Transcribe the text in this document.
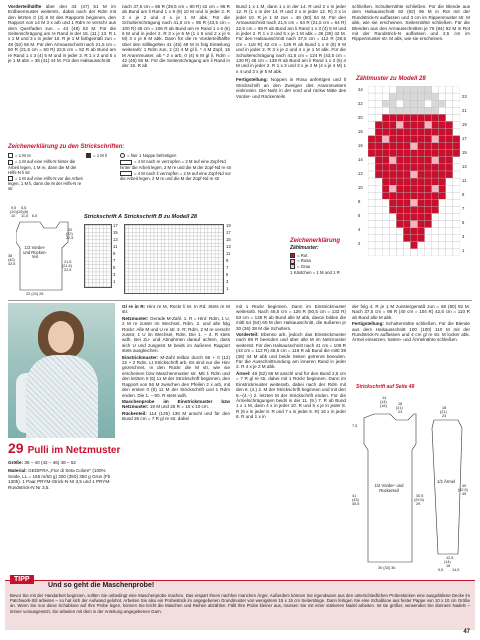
Vorderteilhälfte über den 43 (47) 51 M im Erdbeermuster weiterstr., dabei nach der Rdm mit den letzten 0 (4) 8 M des Rapports beginnen, den Rapport von 14 M 3 x arb und 1 Rdm re verschr aus dem Querfaden zun. = 44 (48) 52 M. Für die Seitenschrägung am re Rand in der 15. (11.) 13. R 1 x 1 M und 3 x in jeder 10. R je 1 M farbgemäß zun = 48 (52) 56 M. Für den Armausschnitt nach 21,5 cm = 50 R (21,5 cm = 50 R) 22,5 cm = 52 R ab Bund am re Rand 1 x 3 (4) 5 M und in jeder 2. R 1 x 2 und 5 x je 1 M abn = 38 (41) 44 M. Für den Halsausschnitt

nach 37,5 cm = 86 R (39,5 cm = 90 R) 42 cm = 96 R ab Bund am li Rand 1 x 9 (9) 10 M und in jeder 2. R 3 x je 2 und 4 x je 1 M abk. Für die Schulterschrägung nach 41,5 cm = 96 R (43,5 cm = 100 R) 46 cm = 106 R ab Bund am re Rand 1 x 6 (6) 6 M und in jeder 2. R 3 x je 5 M (1 x 5 und 2 x je 6 M) 3 x je 6 M abk. Dann für die re Vorderteilhälfte über den stilllegelten 41 (45) 49 M in folg Einteilung weiterarb: 1 Rdm zun, 2 (2) 4 M gl li, * 4 M Zopf, 15 M Arannmuster, ab * 2 x arb, 0 (4) 6 M gl li, Rdm = 42 (46) 50 M. Für die Seitenschrägung am li Rand in der 15. R ab

Bund 1 x 1 M, dann 1 x in der 14. R und 2 x in jeder 12. R (1 x in der 14. R und 2 x in jeder 12. R) 3 x in jeder 10. R je 1 M zun = 46 (50) 54 M. Für den Armausschnitt nach 21,5 cm = 64 R (21,5 cm = 64 R) 22,5 cm = 68 R ab Bund am li Rand 1 x 3 (4) 5 M und in jeder 2. R 1 x 2 und 5 x je 1 M abk = 36 (39) 42 M. Für den Halsausschnitt nach 37,5 cm = 112 R (39,5 cm = 118 R) 42 cm = 126 R ab Bund 1 x 8 (8) 9 M und in jeder 2. R 3 x je 2 und 4 x je 1 M abk. Für die Schulterschrägung nach 41,5 cm = 124 R (43,5 cm = 130 R) 46 cm = 138 R ab Bund am li Rand 1 x 3 (5) 4 M und in jeder 2. R 1 x 3 und 3 x je 4 M (4 x je 4 M) 1 x 4 und 3 x je 5 M abk.

Fertigstellung: Noppen in Rosa anfertigen und lt Strickschrift an den Zweigen des Arannmusters einknoten. Die Naht in der vord und rückw Mitte des Vorder- und Rückenteils

schließen. Schulternähte schließen. Für die Blende aus dem Halsausschnitt 92 (92) 96 M in Rot mit der Rundstrick-N auffassen und 3 cm im Rippenmuster str. M abk, wie sie erscheinen. Seitennähte schließen. Für die Blenden aus den Armausschnitten je 76 (84) 92 M in Rot mit der Rundstrick-N auffassen und 2,5 cm im Rippenmuster str. M abk, wie sie erscheinen.

Zählmuster zu Modell 28
24
22
20
18
16
14
12
10
8
6
4
2
23
21
19
17
15
13
11
9
7
5
3
1
Zeichenerklärung zu den Strickschriften:
= 1 M re
= 1 M auf eine Hilfs-N hinter die Arbeit legen, 1 M re, dann die M der Hilfs-N li str
= 1 M auf eine Hilfs-N vor die Arbeit legen, 1 M li, dann die M der Hilfs-N re str
= 1 M li	= hier 1 Noppe befestigen
= 4 M nach re verzopfen = 2 M auf eine Zopf-Nd hinter die Arbeit legen, 2 M re und die M der Zopf-Nd re str
= 4 M nach li verzopfen = 2 M auf eine Zopf-Nd vor die Arbeit legen, 2 M re und die M der Zopf-Nd re str
9,5 5,5
(10)(10)(6)
10 11,5 6,5
1/2 Vorder- und Rücken- teil
20
(22)
22,5
21,5
(21,5)
22,5
38
(40)
42,5
22 (24) 26
Strickschrift A
17
15
13
11
9
7
5
3
1
Strickschrift B zu Modell 28
19
17
15
13
11
9
7
5
3
1
Zeichenerklärung
Zählmuster:
= Rot
= Rosa
= Grau
1 Kästchen = 1 M und 1 R
29 Pulli im Netzmuster

Größe: 36 – 40 (42 – 46) 48 – 52

Material: GEDIFRA „Fior di Seta Colore" (100% Seide, LL = 165 m/50 g) 300 (350) 350 g Grün (Fb 1305). 1 Paar PRYM-Strick-N Nr 3,5 und 1 PRYM-Rundstrick-N Nr 3,5.

Gl re in R: Hinr re M, Rückr li M. In Rd: Stets re M str.

Netzmuster: Gerade M-Zahl. 1. R = Hinr: Rdm, 1 U, 2 M re zusstr im Wechsel, Rdm. 2. und alle folg Rückr: Alle M und U re str. 3. R: Rdm, 2 M re verschr zusstr, 1 U im Wechsel, Rdm. Die 1. – 4. R stets wdh. Bei Zu- und Abnahmen darauf achten, dass sich U und zusgestr M beids im äußeren Rapport stets ausgleichen.

Einstrickmuster: M-Zahl teilbar durch 56 + 0 (12) 22 + 2 Rdm. Lt Strickschrift arb. Es sind nur die Hinr gezeichnet, in den Rückr die M str, wie sie erscheinen bzw Maschenmuster str. Mit 1 Rdm und den letzten 0 (6) 11 M der Strickschrift beginnen, den Rapport von 56 M zwischen den Pfeilen 2 x arb, mit den ersten 0 (6) 11 M der Strickschrift und 1 Rdm enden. Die 1. – 90. R stets wdh.

Maschenprobe im Einstrickmuster bzw Netzmuster: 19 M und 26 R = 10 x 10 cm.

Rückenteil: 114 (126) 136 M anschl und für den Bund 25 cm = 7 R gl re str, dabei

mit 1 Rückr beginnen. Dann im Einstrickmuster weiterarb. Nach 48,5 cm = 126 R (50,5 cm = 132 R) 53 cm = 138 R ab Bund alle M abk, davon bilden die mittl 54 (54) 60 M den Halsausschnitt, die äußeren je 30 (36) 38 M die Schultern.

Vorderteil: Ebenso arb, jedoch das Einstrickmuster nach 88 R beenden und über alle M im Netzmuster weiterstr. Für den Halsausschnitt nach 41 cm = 106 R (43 cm = 112 R) 45,5 cm = 118 R ab Bund die mittl 38 (38) 44 M abk und beide Seiten getrennt beenden. Für die Ausschnittrundung am inneren Rand in jeder 2. R 4 x je 2 M abk.

Ärmel: 48 (52) 56 M anschl und für den Bund 2,5 cm = 7 R gl re str, dabei mit 1 Rückr beginnen. Dann im Einstrickmuster weiterarb, dabei nach der Rdm mit den 6. (4.) 2. M der Strickschrift beginnen und mit den 6.–(4.–) 2. letzten M der Strickschrift enden. Für die Ärmelschrägungen beids in der 11. (9.) 7. R ab Bund 1 x 1 M, dann 4 x in jeder 10. R und 5 x je in jeder 8. R (6 x in jeder 8. R und 7 x in jeder 6. R) 16 x in jeder 6. R und 1 x in

der folg 4. R je 1 M zunstergemäß zun = 68 (80) 92 M. Nach 37,5 cm = 98 R (40 cm = 104 R) 42,5 cm = 110 R ab Bund alle M abk.

Fertigstellung: Schulternähte schließen. Für die Blende aus dem Halsausschnitt 100 (100) 110 M mit der Rundstrick-N auffassen und 4 cm gl re str. M locker abk. Ärmel einsetzen. Seiten- und Ärmelnähte schließen.

Strickschrift auf Seite 48
1/2 Vorder- und Rückenteil
1/2 Ärmel
30 (33) 36
14
(14)
(16)	18
(21)
23
7,5
41
(43)
45,5
30,5
(29,5)
29
18
(21)
24
40
(42,5)
45
12,5
(14)
16
9,5 14,5
TIPP
Und so geht die Maschenprobe!
Bevor Sie mit der Handarbeit beginnen, sollten Sie unbedingt eine Maschenprobe machen. Das erspart Ihnen nachher manchen Ärger. Außerdem können Sie irgendwann aus den unterschiedlichen Probestücken eine ausgefallene Decke im Patchwork-Stil arbeiten – so hat sich der Aufwand gelohnt. Arbeiten Sie also ein Probestück im angegebenen Grundmuster von wenigstens 15 x 15 cm Seitenlänge. Dann fertigen Sie eine Schablone aus fester Pappe von 10 x 10 cm Größe an. Wenn Sie nun diese Schablone auf Ihre Probe legen, können Sie leicht die Maschen und Reihen abzählen. Fällt Ihre Probe kleiner aus, müssen Sie mit einer stärkeren Nadel arbeiten. Ist sie größer, verwenden Sie dünnere Nadeln – immer vorausgesetzt, Sie arbeiten mit dem in der Anleitung angegebenen Garn.
47
